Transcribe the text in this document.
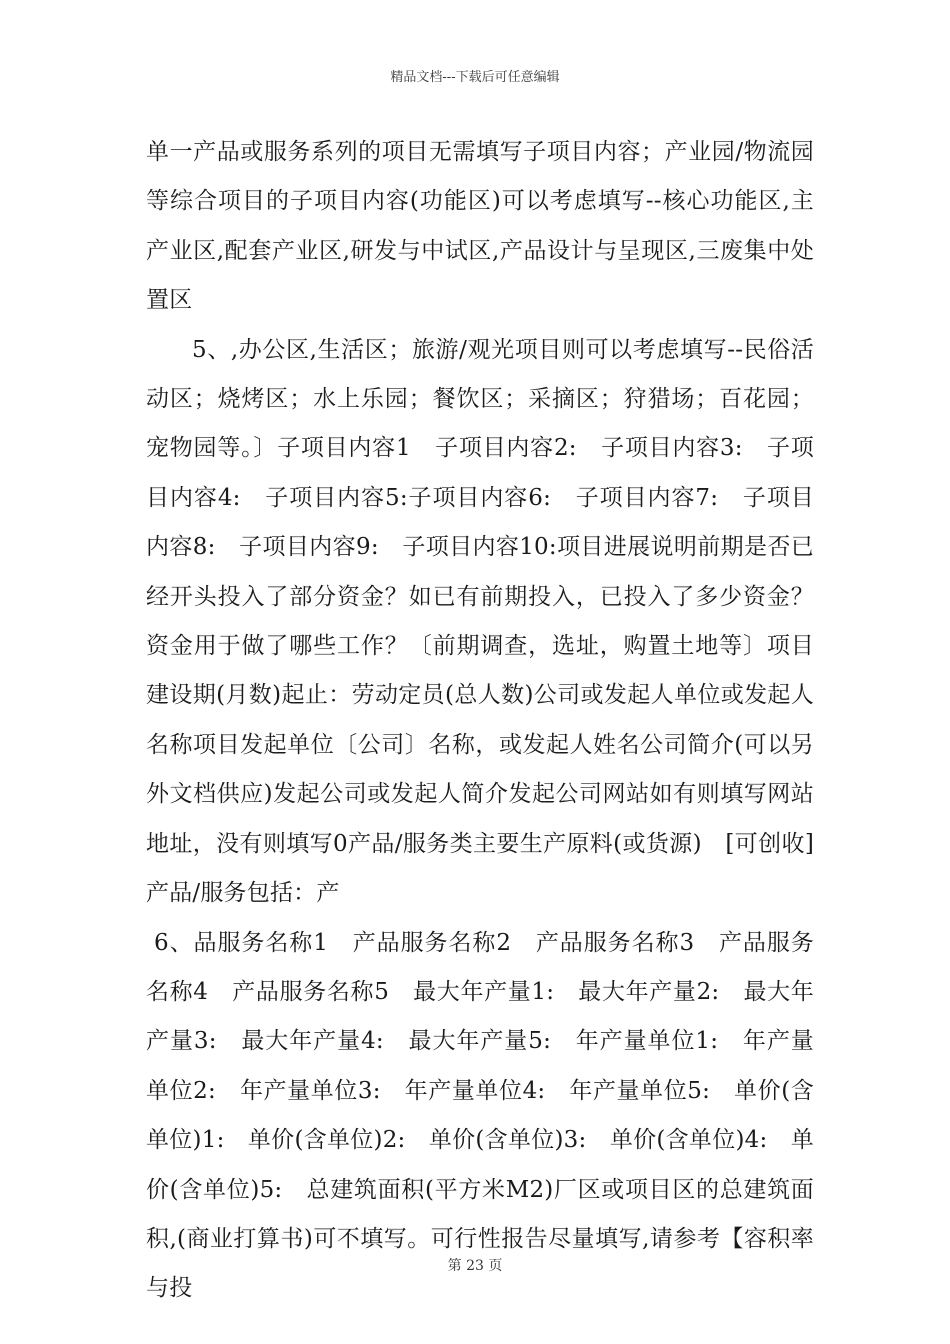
精品文档---下载后可任意编辑

单一产品或服务系列的项目无需填写子项目内容；产业园/物流园等综合项目的子项目内容(功能区)可以考虑填写--核心功能区,主产业区,配套产业区,研发与中试区,产品设计与呈现区,三废集中处置区

5、,办公区,生活区；旅游/观光项目则可以考虑填写--民俗活动区；烧烤区；水上乐园；餐饮区；采摘区；狩猎场；百花园；宠物园等。〕子项目内容1　子项目内容2:　子项目内容3:　子项目内容4:　子项目内容5:子项目内容6:　子项目内容7:　子项目内容8:　子项目内容9:　子项目内容10:项目进展说明前期是否已经开头投入了部分资金？如已有前期投入，已投入了多少资金？资金用于做了哪些工作？〔前期调查，选址，购置土地等〕项目建设期(月数)起止：劳动定员(总人数)公司或发起人单位或发起人名称项目发起单位〔公司〕名称，或发起人姓名公司简介(可以另外文档供应)发起公司或发起人简介发起公司网站如有则填写网站地址，没有则填写0产品/服务类主要生产原料(或货源)　[可创收]产品/服务包括：产

6、品服务名称1　产品服务名称2　产品服务名称3　产品服务名称4　产品服务名称5　最大年产量1:　最大年产量2:　最大年产量3:　最大年产量4:　最大年产量5:　年产量单位1:　年产量单位2:　年产量单位3:　年产量单位4:　年产量单位5:　单价(含单位)1:　单价(含单位)2:　单价(含单位)3:　单价(含单位)4:　单价(含单位)5:　总建筑面积(平方米M2)厂区或项目区的总建筑面积,(商业打算书)可不填写。可行性报告尽量填写,请参考【容积率与投

第 23 页
